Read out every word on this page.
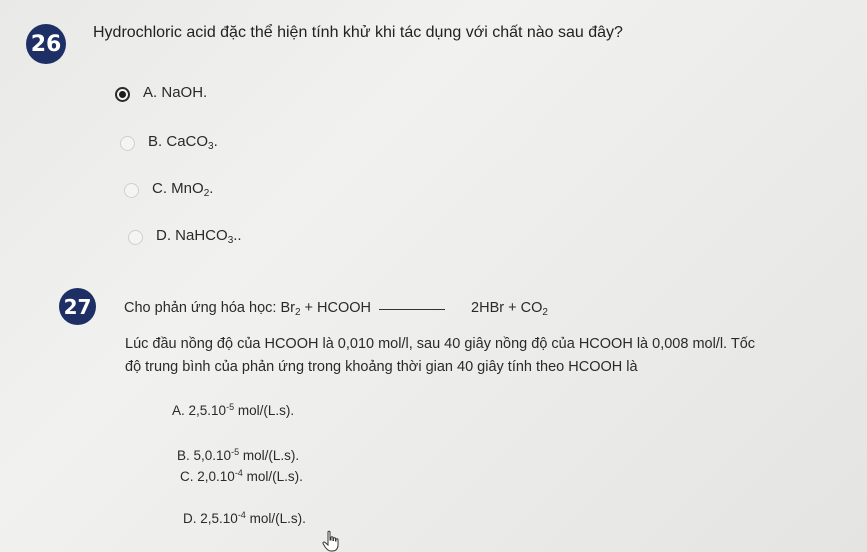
26 Hydrochloric acid đặc thể hiện tính khử khi tác dụng với chất nào sau đây?
A. NaOH.
B. CaCO$_3$.
C. MnO$_2$.
D. NaHCO$_3$..
27 Cho phản ứng hóa học: $Br_2$ + HCOOH	$2HBr + CO_2$
Lúc đầu nồng độ của HCOOH là 0,010 mol/l, sau 40 giây nồng độ của HCOOH là 0,008 mol/l. Tốc
độ trung bình của phản ứng trong khoảng thời gian 40 giây tính theo HCOOH là
A. $2,5.10^{-5}$ mol/(L.s).
B. $5,0.10^{-5}$ mol/(L.s).
C. $2,0.10^{-4}$ mol/(L.s).
D. $2,5.10^{-4}$ mol/(L.s).
